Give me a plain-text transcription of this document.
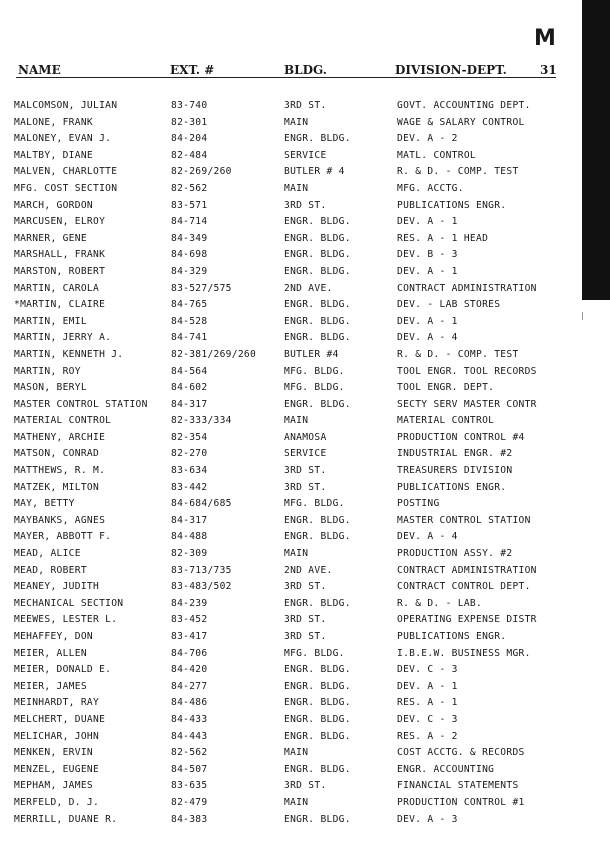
M
NAME	EXT. #	BLDG.	DIVISION-DEPT.	31
MALCOMSON, JULIAN	83-740	3RD ST.	GOVT. ACCOUNTING DEPT.
MALONE, FRANK	82-301	MAIN	WAGE & SALARY CONTROL
MALONEY, EVAN J.	84-204	ENGR. BLDG.	DEV. A - 2
MALTBY, DIANE	82-484	SERVICE	MATL. CONTROL
MALVEN, CHARLOTTE	82-269/260	BUTLER # 4	R. & D. - COMP. TEST
MFG. COST SECTION	82-562	MAIN	MFG. ACCTG.
MARCH, GORDON	83-571	3RD ST.	PUBLICATIONS ENGR.
MARCUSEN, ELROY	84-714	ENGR. BLDG.	DEV. A - 1
MARNER, GENE	84-349	ENGR. BLDG.	RES. A - 1 HEAD
MARSHALL, FRANK	84-698	ENGR. BLDG.	DEV. B - 3
MARSTON, ROBERT	84-329	ENGR. BLDG.	DEV. A - 1
MARTIN, CAROLA	83-527/575	2ND AVE.	CONTRACT ADMINISTRATION
*MARTIN, CLAIRE	84-765	ENGR. BLDG.	DEV. - LAB STORES
MARTIN, EMIL	84-528	ENGR. BLDG.	DEV. A - 1
MARTIN, JERRY A.	84-741	ENGR. BLDG.	DEV. A - 4
MARTIN, KENNETH J.	82-381/269/260	BUTLER #4	R. & D. - COMP. TEST
MARTIN, ROY	84-564	MFG. BLDG.	TOOL ENGR. TOOL RECORDS
MASON, BERYL	84-602	MFG. BLDG.	TOOL ENGR. DEPT.
MASTER CONTROL STATION 84-317	ENGR. BLDG.	SECTY SERV MASTER CONTR
MATERIAL CONTROL	82-333/334	MAIN	MATERIAL CONTROL
MATHENY, ARCHIE	82-354	ANAMOSA	PRODUCTION CONTROL #4
MATSON, CONRAD	82-270	SERVICE	INDUSTRIAL ENGR. #2
MATTHEWS, R. M.	83-634	3RD ST.	TREASURERS DIVISION
MATZEK, MILTON	83-442	3RD ST.	PUBLICATIONS ENGR.
MAY, BETTY	84-684/685	MFG. BLDG.	POSTING
MAYBANKS, AGNES	84-317	ENGR. BLDG.	MASTER CONTROL STATION
MAYER, ABBOTT F.	84-488	ENGR. BLDG.	DEV. A - 4
MEAD, ALICE	82-309	MAIN	PRODUCTION ASSY. #2
MEAD, ROBERT	83-713/735	2ND AVE.	CONTRACT ADMINISTRATION
MEANEY, JUDITH	83-483/502	3RD ST.	CONTRACT CONTROL DEPT.
MECHANICAL SECTION	84-239	ENGR. BLDG.	R. & D. - LAB.
MEEWES, LESTER L.	83-452	3RD ST.	OPERATING EXPENSE DISTR
MEHAFFEY, DON	83-417	3RD ST.	PUBLICATIONS ENGR.
MEIER, ALLEN	84-706	MFG. BLDG.	I.B.E.W. BUSINESS MGR.
MEIER, DONALD E.	84-420	ENGR. BLDG.	DEV. C - 3
MEIER, JAMES	84-277	ENGR. BLDG.	DEV. A - 1
MEINHARDT, RAY	84-486	ENGR. BLDG.	RES. A - 1
MELCHERT, DUANE	84-433	ENGR. BLDG.	DEV. C - 3
MELICHAR, JOHN	84-443	ENGR. BLDG.	RES. A - 2
MENKEN, ERVIN	82-562	MAIN	COST ACCTG. & RECORDS
MENZEL, EUGENE	84-507	ENGR. BLDG.	ENGR. ACCOUNTING
MEPHAM, JAMES	83-635	3RD ST.	FINANCIAL STATEMENTS
MERFELD, D. J.	82-479	MAIN	PRODUCTION CONTROL #1
MERRILL, DUANE R.	84-383	ENGR. BLDG.	DEV. A - 3
